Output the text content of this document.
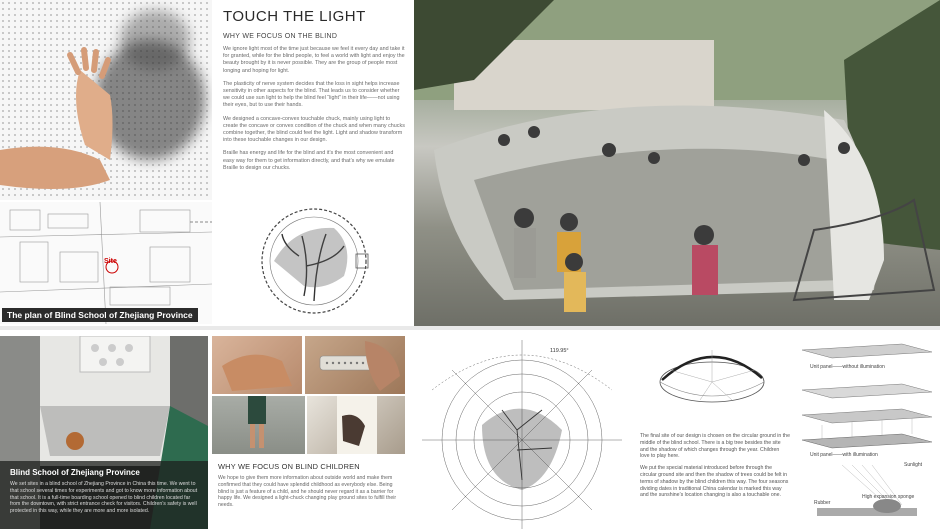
Site
The plan of Blind School of Zhejiang Province
TOUCH THE LIGHT
WHY WE FOCUS ON THE BLIND

We ignore light most of the time just because we feel it every day and take it for granted, while for the blind people, to feel a world with light and enjoy the beauty brought by it is never possible. They are the group of people most longing and hoping for light.

The plasticity of nerve system decides that the loss in sight helps increase sensitivity in other aspects for the blind. That leads us to consider whether we could use sun light to help the blind feel “light” in their life——not using their eyes, but to use their hands.

We designed a concave-convex touchable chuck, mainly using light to create the concave or convex condition of the chuck and when many chucks combine together, the blind could feel the light. Light and shadow transform into these touchable changes in our design.

Braille has energy and life for the blind and it’s the most convenient and easy way for them to get information directly, and that’s why we emulate Braille to design our chucks.

Blind School of Zhejiang Province
We set sites in a blind school of Zhejiang Province in China this time. We went to that school several times for experiments and got to know more information about that school. It is a full-time boarding school opened to blind children located far from the downtown, with strict entrance check for visitors. Children’s safety is well protected in this way, while they are more and more isolated.
WHY WE FOCUS ON BLIND CHILDREN

We hope to give them more information about outside world and make them confirmed that they could have splendid childhood as everybody else. Being blind is just a feature of a child, and he should never regard it as a barrier for happy life. We designed a light-chuck changing play ground sites to fulfill their needs.

119.95°

The final site of our design is chosen on the circular ground in the middle of the blind school. There is a big tree besides the site and the shadow of which changes through the year. Children love to play here.

We put the special material introduced before through the circular ground site and then the shadow of trees could be felt in terms of shadow by the blind children this way. The four seasons dividing dates in traditional China calendar is marked this way and the sunshine’s location changing is also a touchable one.

Unit panel——without illumination
Unit panel——with illumination
Sunlight
High expansion sponge
Rubber
